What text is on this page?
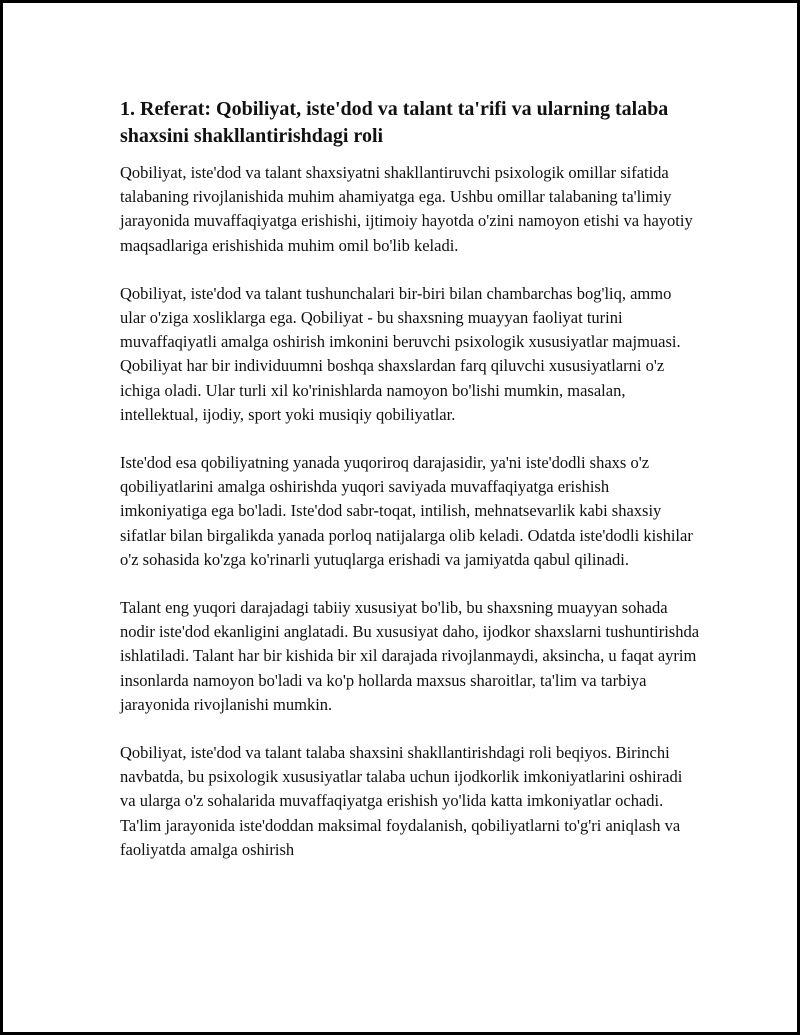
1. Referat: Qobiliyat, iste'dod va talant ta'rifi va ularning talaba shaxsini shakllantirishdagi roli

Qobiliyat, iste'dod va talant shaxsiyatni shakllantiruvchi psixologik omillar sifatida talabaning rivojlanishida muhim ahamiyatga ega. Ushbu omillar talabaning ta'limiy jarayonida muvaffaqiyatga erishishi, ijtimoiy hayotda o'zini namoyon etishi va hayotiy maqsadlariga erishishida muhim omil bo'lib keladi.

Qobiliyat, iste'dod va talant tushunchalari bir-biri bilan chambarchas bog'liq, ammo ular o'ziga xosliklarga ega. Qobiliyat - bu shaxsning muayyan faoliyat turini muvaffaqiyatli amalga oshirish imkonini beruvchi psixologik xususiyatlar majmuasi. Qobiliyat har bir individuumni boshqa shaxslardan farq qiluvchi xususiyatlarni o'z ichiga oladi. Ular turli xil ko'rinishlarda namoyon bo'lishi mumkin, masalan, intellektual, ijodiy, sport yoki musiqiy qobiliyatlar.

Iste'dod esa qobiliyatning yanada yuqoriroq darajasidir, ya'ni iste'dodli shaxs o'z qobiliyatlarini amalga oshirishda yuqori saviyada muvaffaqiyatga erishish imkoniyatiga ega bo'ladi. Iste'dod sabr-toqat, intilish, mehnatsevarlik kabi shaxsiy sifatlar bilan birgalikda yanada porloq natijalarga olib keladi. Odatda iste'dodli kishilar o'z sohasida ko'zga ko'rinarli yutuqlarga erishadi va jamiyatda qabul qilinadi.

Talant eng yuqori darajadagi tabiiy xususiyat bo'lib, bu shaxsning muayyan sohada nodir iste'dod ekanligini anglatadi. Bu xususiyat daho, ijodkor shaxslarni tushuntirishda ishlatiladi. Talant har bir kishida bir xil darajada rivojlanmaydi, aksincha, u faqat ayrim insonlarda namoyon bo'ladi va ko'p hollarda maxsus sharoitlar, ta'lim va tarbiya jarayonida rivojlanishi mumkin.

Qobiliyat, iste'dod va talant talaba shaxsini shakllantirishdagi roli beqiyos. Birinchi navbatda, bu psixologik xususiyatlar talaba uchun ijodkorlik imkoniyatlarini oshiradi va ularga o'z sohalarida muvaffaqiyatga erishish yo'lida katta imkoniyatlar ochadi. Ta'lim jarayonida iste'doddan maksimal foydalanish, qobiliyatlarni to'g'ri aniqlash va faoliyatda amalga oshirish
